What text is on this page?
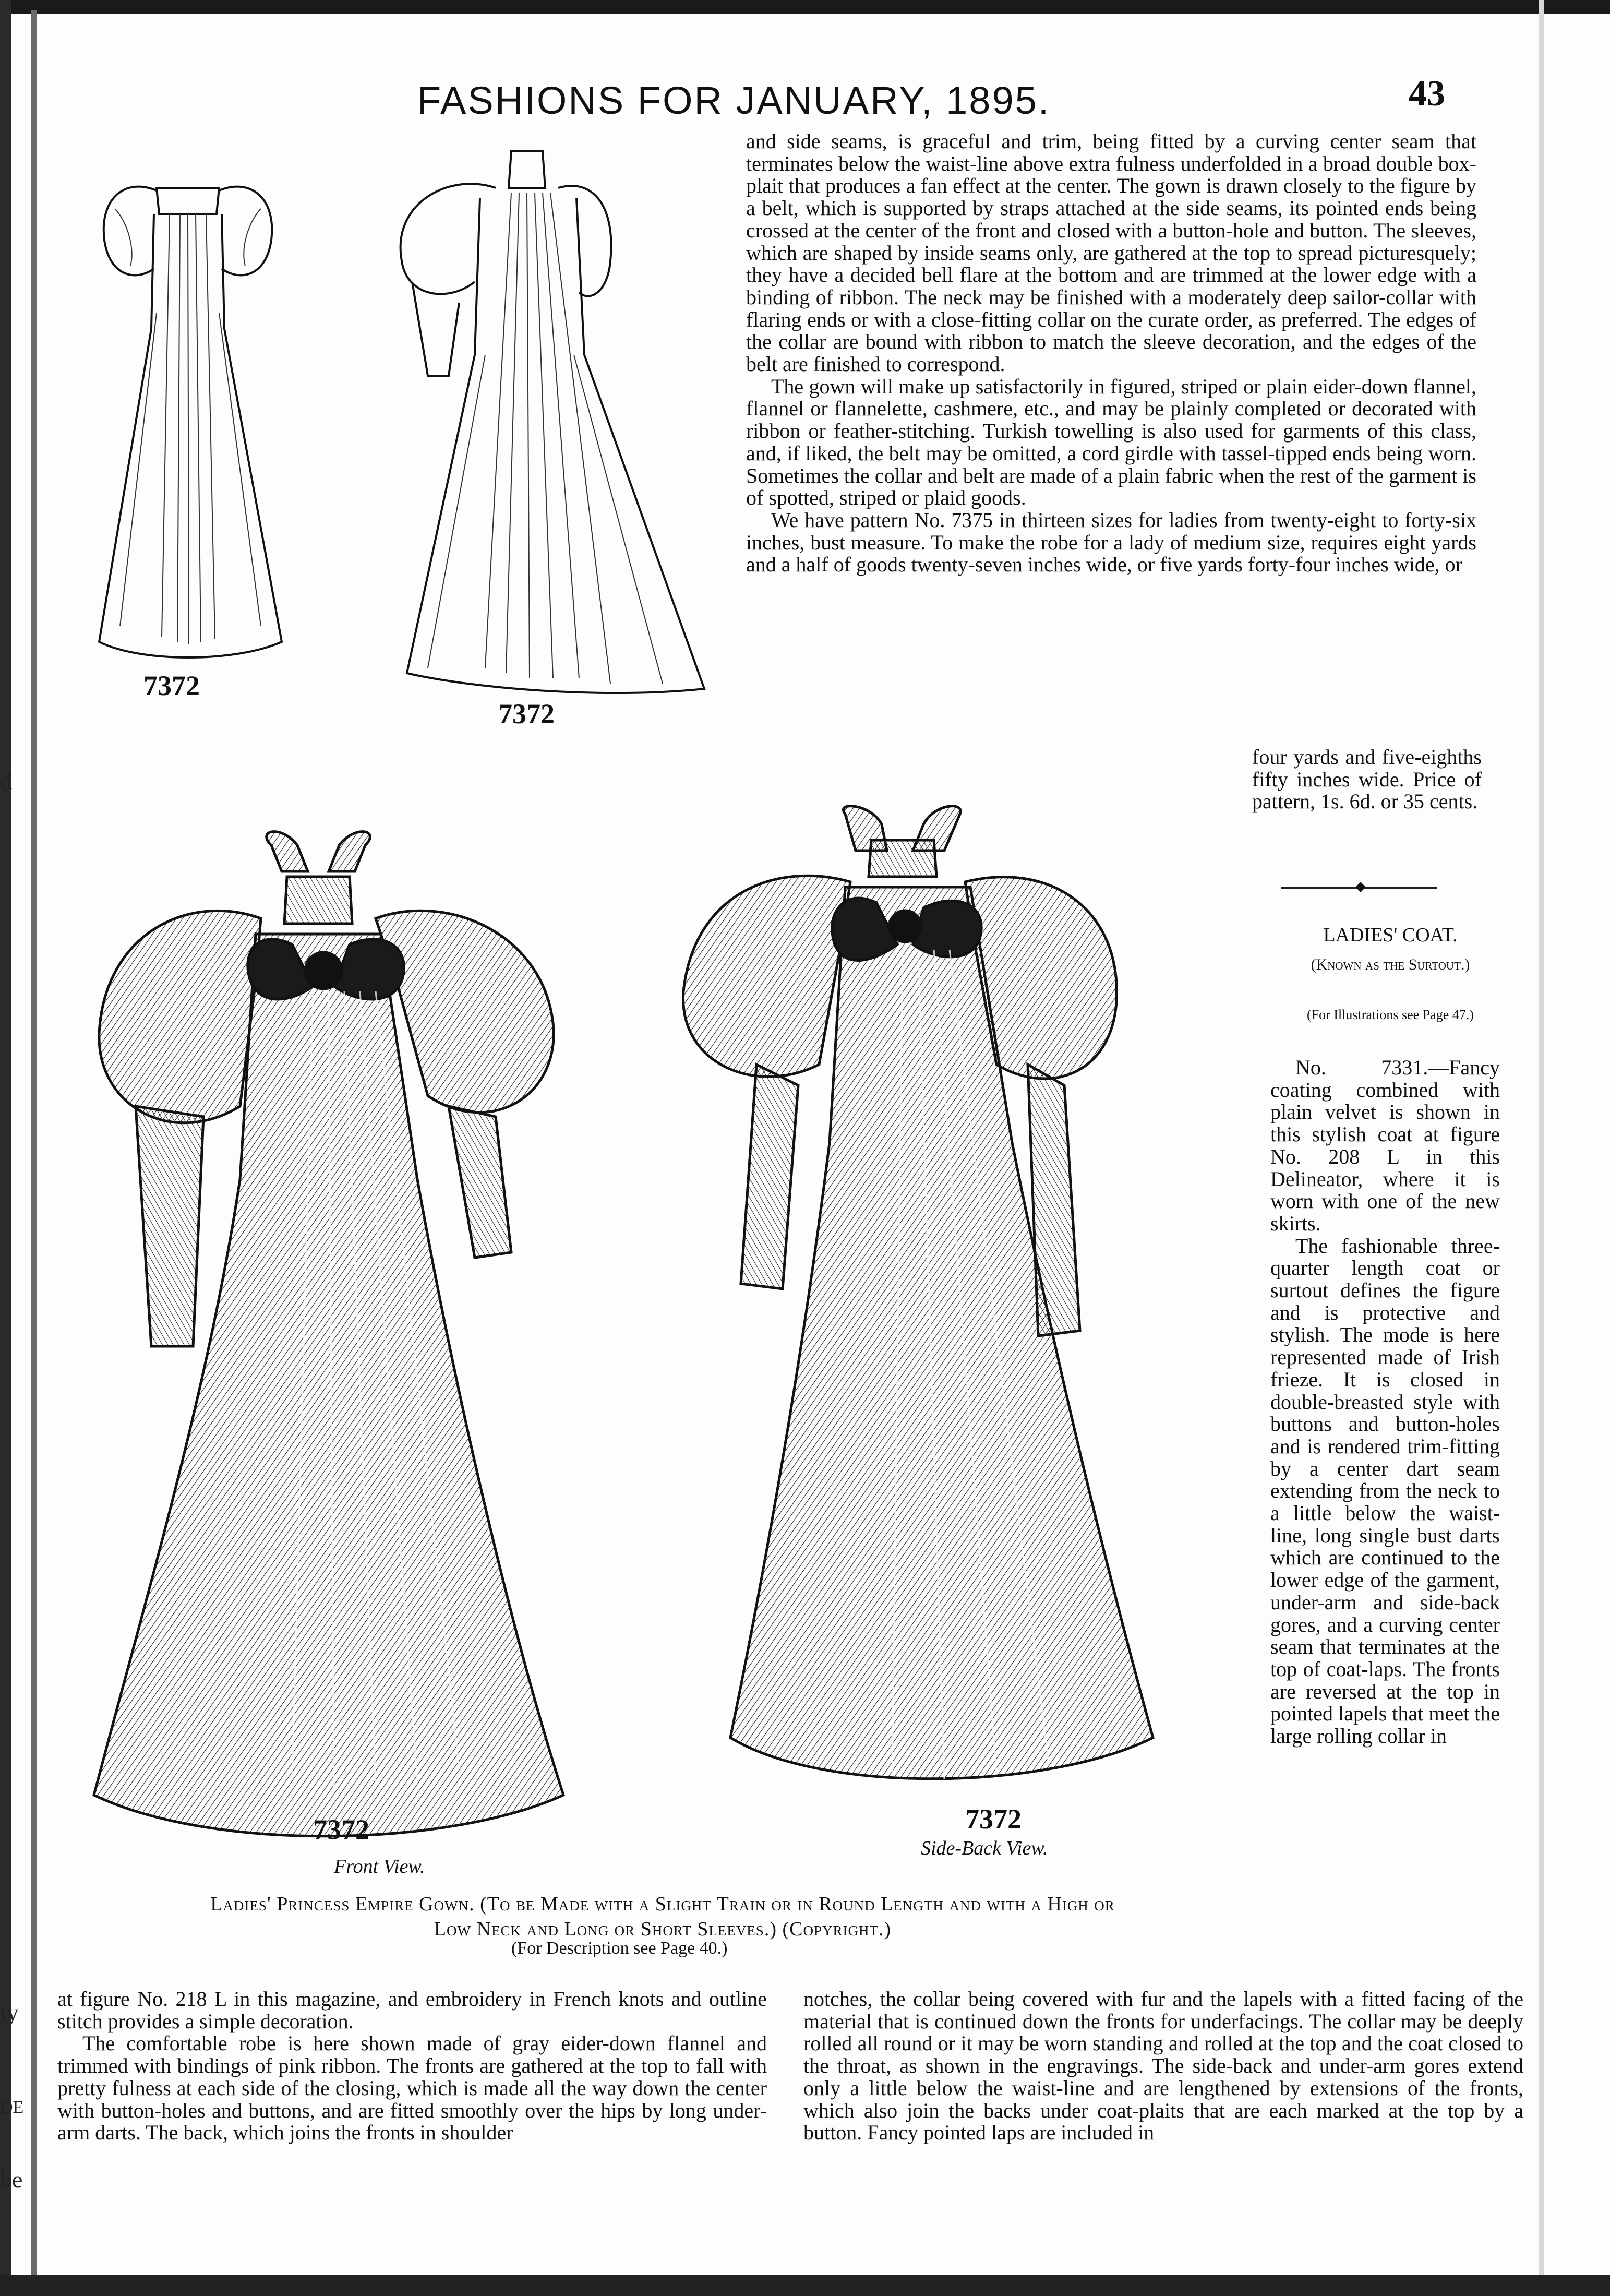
d
ty
DE
be
FASHIONS FOR JANUARY, 1895.	43
7372
7372

and side seams, is graceful and trim, being fitted by a curving center seam that terminates below the waist-line above extra fulness underfolded in a broad double box-plait that produces a fan effect at the center. The gown is drawn closely to the figure by a belt, which is supported by straps attached at the side seams, its pointed ends being crossed at the center of the front and closed with a button-hole and button. The sleeves, which are shaped by inside seams only, are gathered at the top to spread picturesquely; they have a decided bell flare at the bottom and are trimmed at the lower edge with a binding of ribbon. The neck may be finished with a moderately deep sailor-collar with flaring ends or with a close-fitting collar on the curate order, as preferred. The edges of the collar are bound with ribbon to match the sleeve decoration, and the edges of the belt are finished to correspond.

The gown will make up satisfactorily in figured, striped or plain eider-down flannel, flannel or flannelette, cashmere, etc., and may be plainly completed or decorated with ribbon or feather-stitching. Turkish towelling is also used for garments of this class, and, if liked, the belt may be omitted, a cord girdle with tassel-tipped ends being worn. Sometimes the collar and belt are made of a plain fabric when the rest of the garment is of spotted, striped or plaid goods.

We have pattern No. 7375 in thirteen sizes for ladies from twenty-eight to forty-six inches, bust measure. To make the robe for a lady of medium size, requires eight yards and a half of goods twenty-seven inches wide, or five yards forty-four inches wide, or

four yards and five-eighths fifty inches wide. Price of pattern, 1s. 6d. or 35 cents.

LADIES' COAT.
(Known as the Surtout.)
(For Illustrations see Page 47.)

No. 7331.—Fancy coating combined with plain velvet is shown in this stylish coat at figure No. 208 L in this Delineator, where it is worn with one of the new skirts.

The fashionable three-quarter length coat or surtout defines the figure and is protective and stylish. The mode is here represented made of Irish frieze. It is closed in double-breasted style with buttons and button-holes and is rendered trim-fitting by a center dart seam extending from the neck to a little below the waist-line, long single bust darts which are continued to the lower edge of the garment, under-arm and side-back gores, and a curving center seam that terminates at the top of coat-laps. The fronts are reversed at the top in pointed lapels that meet the large rolling collar in

7372
Front View.
7372
Side-Back View.
Ladies' Princess Empire Gown. (To be Made with a Slight Train or in Round Length and with a High or
Low Neck and Long or Short Sleeves.) (Copyright.)
(For Description see Page 40.)

at figure No. 218 L in this magazine, and embroidery in French knots and outline stitch provides a simple decoration.

The comfortable robe is here shown made of gray eider-down flannel and trimmed with bindings of pink ribbon. The fronts are gathered at the top to fall with pretty fulness at each side of the closing, which is made all the way down the center with button-holes and buttons, and are fitted smoothly over the hips by long under-arm darts. The back, which joins the fronts in shoulder

notches, the collar being covered with fur and the lapels with a fitted facing of the material that is continued down the fronts for underfacings. The collar may be deeply rolled all round or it may be worn standing and rolled at the top and the coat closed to the throat, as shown in the engravings. The side-back and under-arm gores extend only a little below the waist-line and are lengthened by extensions of the fronts, which also join the backs under coat-plaits that are each marked at the top by a button. Fancy pointed laps are included in
